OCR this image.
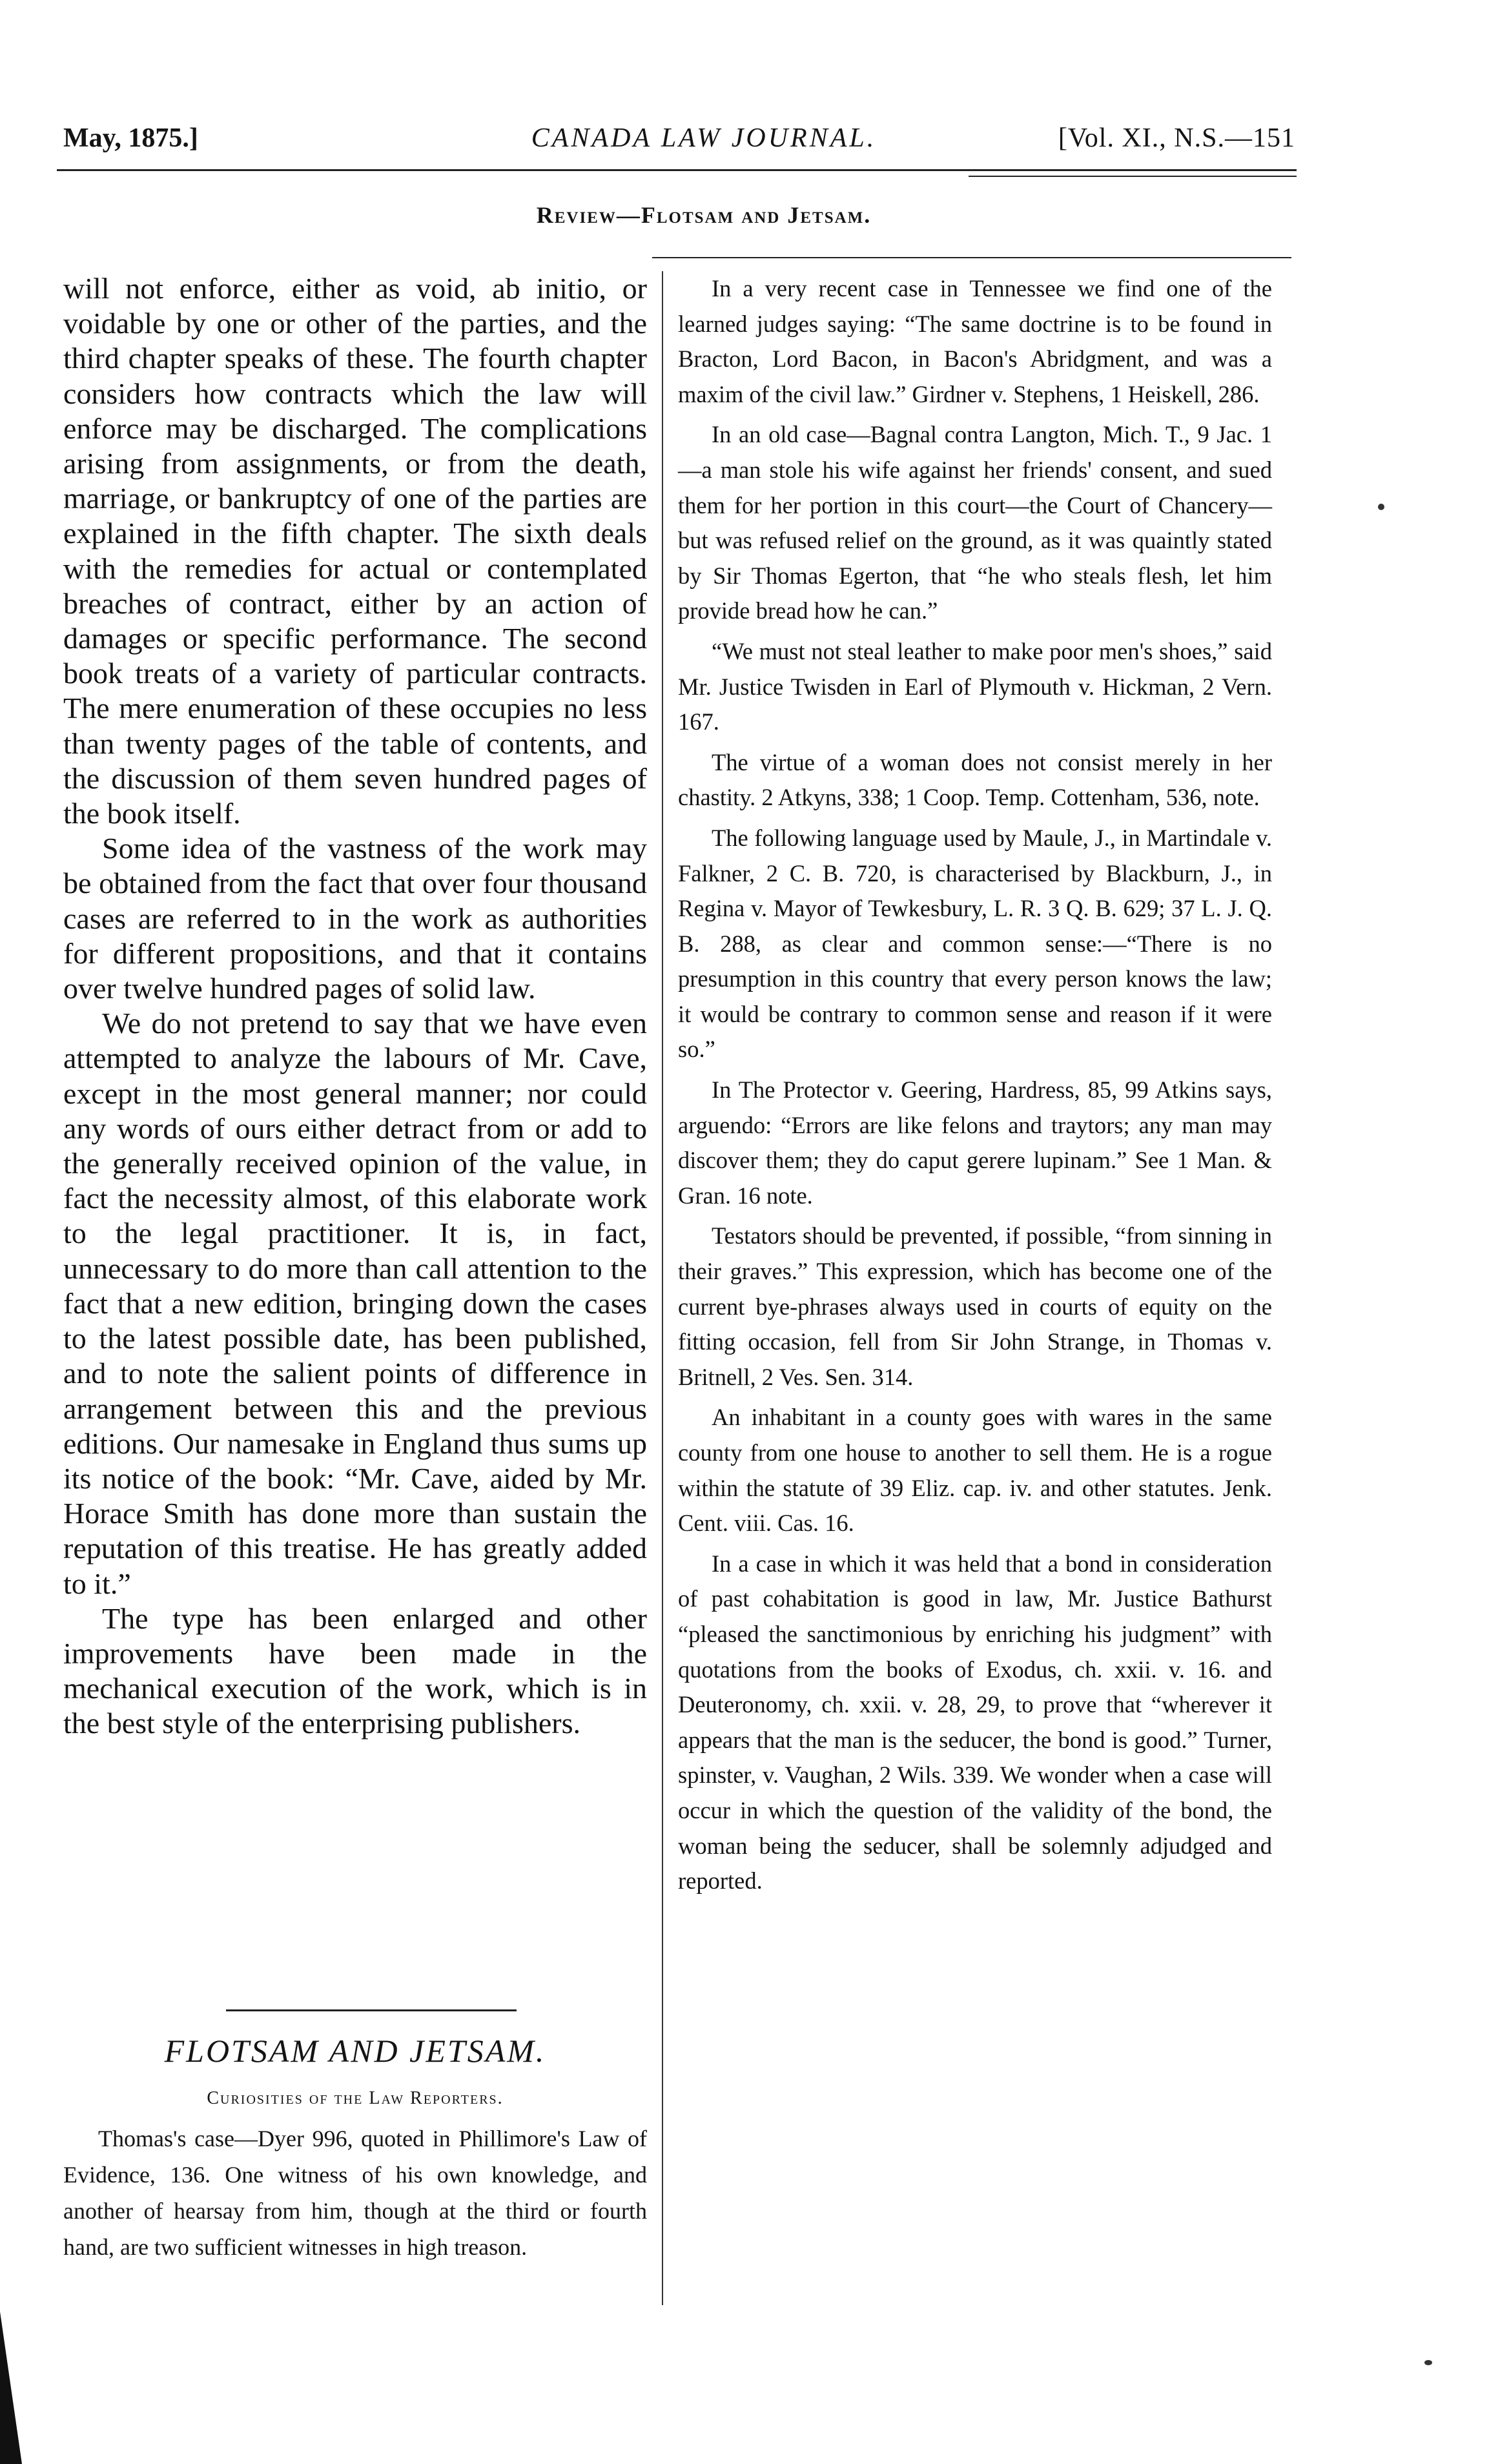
May, 1875.]	CANADA LAW JOURNAL.	[Vol. XI., N.S.—151
Review—Flotsam and Jetsam.

will not enforce, either as void, ab initio, or voidable by one or other of the parties, and the third chapter speaks of these. The fourth chapter considers how contracts which the law will enforce may be discharged. The complications arising from assignments, or from the death, marriage, or bankruptcy of one of the parties are explained in the fifth chapter. The sixth deals with the remedies for actual or contemplated breaches of contract, either by an action of damages or specific performance. The second book treats of a variety of particular contracts. The mere enumeration of these occupies no less than twenty pages of the table of contents, and the discussion of them seven hundred pages of the book itself.

Some idea of the vastness of the work may be obtained from the fact that over four thousand cases are referred to in the work as authorities for different propositions, and that it contains over twelve hundred pages of solid law.

We do not pretend to say that we have even attempted to analyze the labours of Mr. Cave, except in the most general manner; nor could any words of ours either detract from or add to the generally received opinion of the value, in fact the necessity almost, of this elaborate work to the legal practitioner. It is, in fact, unnecessary to do more than call attention to the fact that a new edition, bringing down the cases to the latest possible date, has been published, and to note the salient points of difference in arrangement between this and the previous editions. Our namesake in England thus sums up its notice of the book: “Mr. Cave, aided by Mr. Horace Smith has done more than sustain the reputation of this treatise. He has greatly added to it.”

The type has been enlarged and other improvements have been made in the mechanical execution of the work, which is in the best style of the enterprising publishers.

FLOTSAM AND JETSAM.
Curiosities of the Law Reporters.

Thomas's case—Dyer 996, quoted in Phillimore's Law of Evidence, 136. One witness of his own knowledge, and another of hearsay from him, though at the third or fourth hand, are two sufficient witnesses in high treason.

In a very recent case in Tennessee we find one of the learned judges saying: “The same doctrine is to be found in Bracton, Lord Bacon, in Bacon's Abridgment, and was a maxim of the civil law.” Girdner v. Stephens, 1 Heiskell, 286.

In an old case—Bagnal contra Langton, Mich. T., 9 Jac. 1—a man stole his wife against her friends' consent, and sued them for her portion in this court—the Court of Chancery—but was refused relief on the ground, as it was quaintly stated by Sir Thomas Egerton, that “he who steals flesh, let him provide bread how he can.”

“We must not steal leather to make poor men's shoes,” said Mr. Justice Twisden in Earl of Plymouth v. Hickman, 2 Vern. 167.

The virtue of a woman does not consist merely in her chastity. 2 Atkyns, 338; 1 Coop. Temp. Cottenham, 536, note.

The following language used by Maule, J., in Martindale v. Falkner, 2 C. B. 720, is characterised by Blackburn, J., in Regina v. Mayor of Tewkesbury, L. R. 3 Q. B. 629; 37 L. J. Q. B. 288, as clear and common sense:—“There is no presumption in this country that every person knows the law; it would be contrary to common sense and reason if it were so.”

In The Protector v. Geering, Hardress, 85, 99 Atkins says, arguendo: “Errors are like felons and traytors; any man may discover them; they do caput gerere lupinam.” See 1 Man. & Gran. 16 note.

Testators should be prevented, if possible, “from sinning in their graves.” This expression, which has become one of the current bye-phrases always used in courts of equity on the fitting occasion, fell from Sir John Strange, in Thomas v. Britnell, 2 Ves. Sen. 314.

An inhabitant in a county goes with wares in the same county from one house to another to sell them. He is a rogue within the statute of 39 Eliz. cap. iv. and other statutes. Jenk. Cent. viii. Cas. 16.

In a case in which it was held that a bond in consideration of past cohabitation is good in law, Mr. Justice Bathurst “pleased the sanctimonious by enriching his judgment” with quotations from the books of Exodus, ch. xxii. v. 16. and Deuteronomy, ch. xxii. v. 28, 29, to prove that “wherever it appears that the man is the seducer, the bond is good.” Turner, spinster, v. Vaughan, 2 Wils. 339. We wonder when a case will occur in which the question of the validity of the bond, the woman being the seducer, shall be solemnly adjudged and reported.
